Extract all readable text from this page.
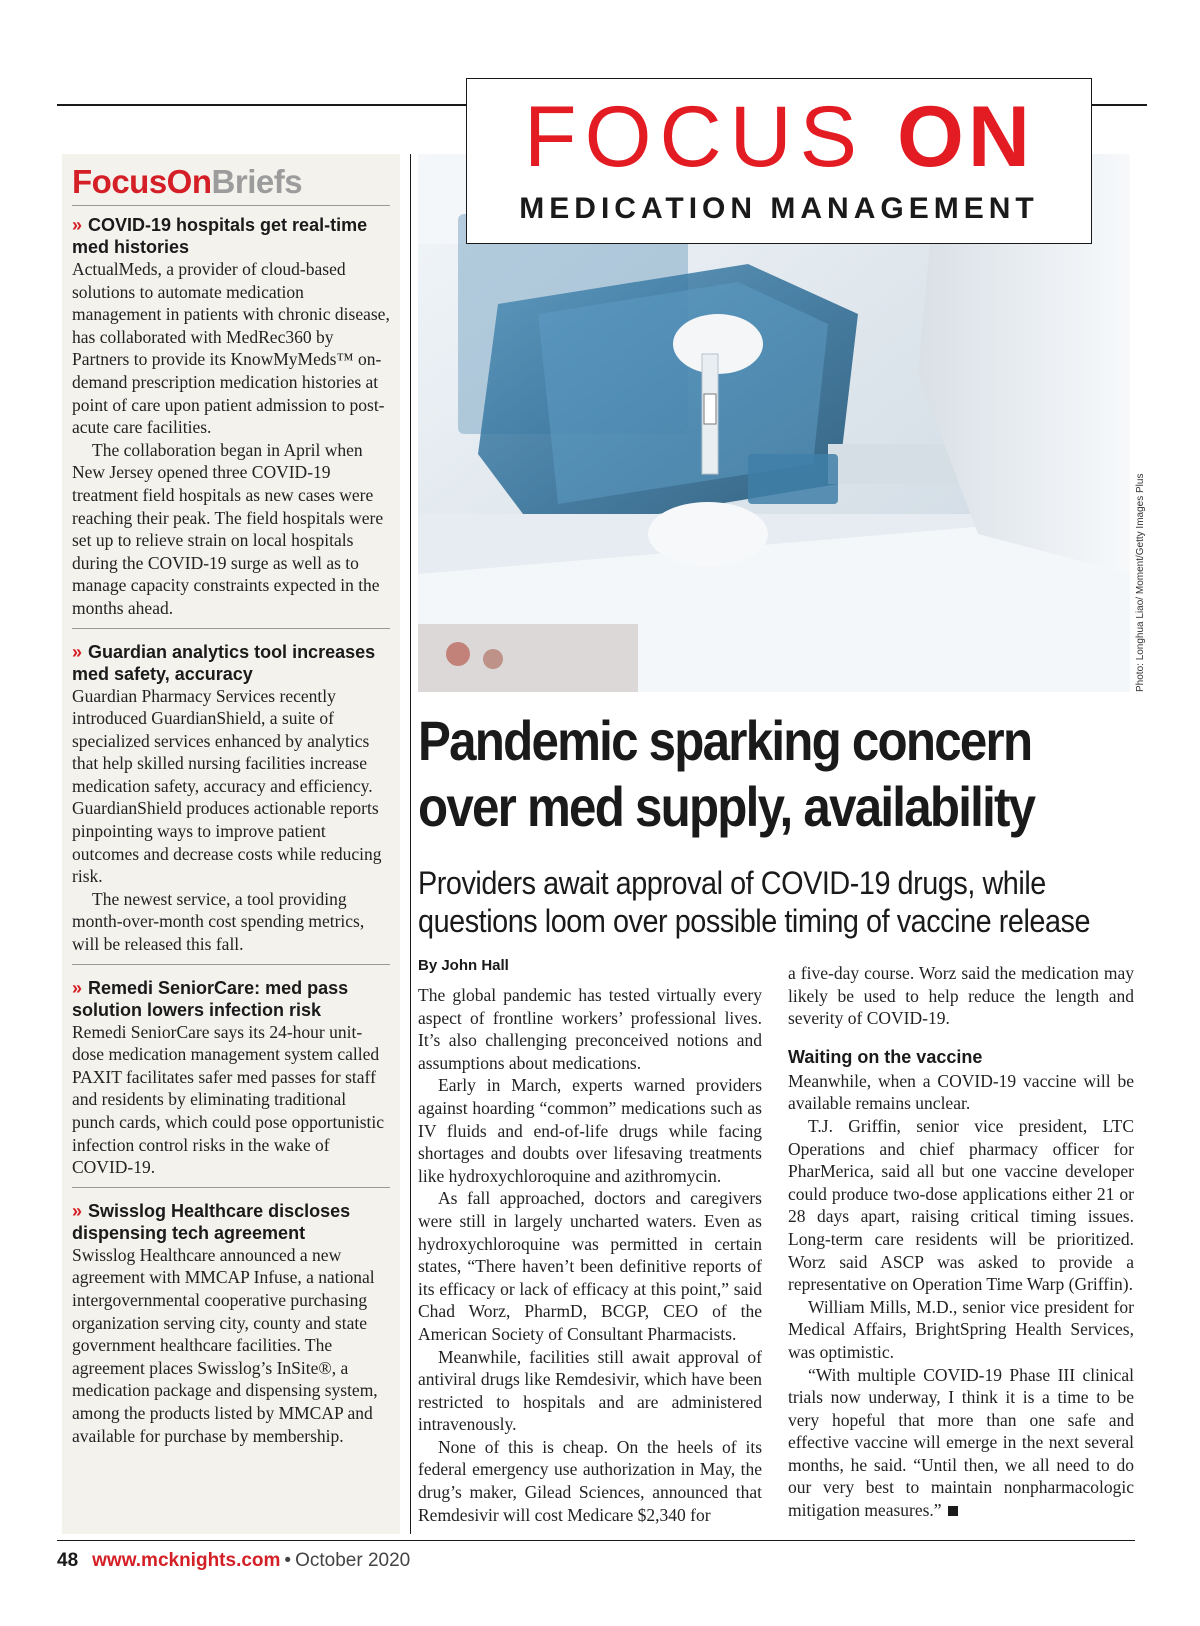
FOCUS ON
MEDICATION MANAGEMENT
FocusOnBriefs
» COVID-19 hospitals get real-time med histories

ActualMeds, a provider of cloud-based solutions to automate medication management in patients with chronic disease, has collaborated with MedRec360 by Partners to provide its KnowMyMeds™ on-demand prescription medication histories at point of care upon patient admission to post-acute care facilities.

The collaboration began in April when New Jersey opened three COVID-19 treatment field hospitals as new cases were reaching their peak. The field hospitals were set up to relieve strain on local hospitals during the COVID-19 surge as well as to manage capacity constraints expected in the months ahead.

» Guardian analytics tool increases med safety, accuracy

Guardian Pharmacy Services recently introduced GuardianShield, a suite of specialized services enhanced by analytics that help skilled nursing facilities increase medication safety, accuracy and efficiency. GuardianShield produces actionable reports pinpointing ways to improve patient outcomes and decrease costs while reducing risk.

The newest service, a tool providing month-over-month cost spending metrics, will be released this fall.

» Remedi SeniorCare: med pass solution lowers infection risk

Remedi SeniorCare says its 24-hour unit-dose medication management system called PAXIT facilitates safer med passes for staff and residents by eliminating traditional punch cards, which could pose opportunistic infection control risks in the wake of COVID-19.

» Swisslog Healthcare discloses dispensing tech agreement

Swisslog Healthcare announced a new agreement with MMCAP Infuse, a national intergovernmental cooperative purchasing organization serving city, county and state government healthcare facilities. The agreement places Swisslog’s InSite®, a medication package and dispensing system, among the products listed by MMCAP and available for purchase by membership.

Photo: Longhua Liao/ Moment/Getty Images Plus
Pandemic sparking concern
over med supply, availability
Providers await approval of COVID-19 drugs, while
questions loom over possible timing of vaccine release
By John Hall

The global pandemic has tested virtually every aspect of frontline workers’ professional lives. It’s also challenging preconceived notions and assumptions about medications.

Early in March, experts warned providers against hoarding “common” medications such as IV fluids and end-of-life drugs while facing shortages and doubts over lifesaving treatments like hydroxychloroquine and azithromycin.

As fall approached, doctors and caregivers were still in largely uncharted waters. Even as hydroxychloroquine was permitted in certain states, “There haven’t been definitive reports of its efficacy or lack of efficacy at this point,” said Chad Worz, PharmD, BCGP, CEO of the American Society of Consultant Pharmacists.

Meanwhile, facilities still await approval of antiviral drugs like Remdesivir, which have been restricted to hospitals and are administered intravenously.

None of this is cheap. On the heels of its federal emergency use authorization in May, the drug’s maker, Gilead Sciences, announced that Remdesivir will cost Medicare $2,340 for

a five-day course. Worz said the medication may likely be used to help reduce the length and severity of COVID-19.

Waiting on the vaccine

Meanwhile, when a COVID-19 vaccine will be available remains unclear.

T.J. Griffin, senior vice president, LTC Operations and chief pharmacy officer for PharMerica, said all but one vaccine developer could produce two-dose applications either 21 or 28 days apart, raising critical timing issues. Long-term care residents will be prioritized. Worz said ASCP was asked to provide a representative on Operation Time Warp (Griffin).

William Mills, M.D., senior vice president for Medical Affairs, BrightSpring Health Services, was optimistic.

“With multiple COVID-19 Phase III clinical trials now underway, I think it is a time to be very hopeful that more than one safe and effective vaccine will emerge in the next several months, he said. “Until then, we all need to do our very best to maintain nonpharmacologic mitigation measures.”

48 www.mcknights.com • October 2020
